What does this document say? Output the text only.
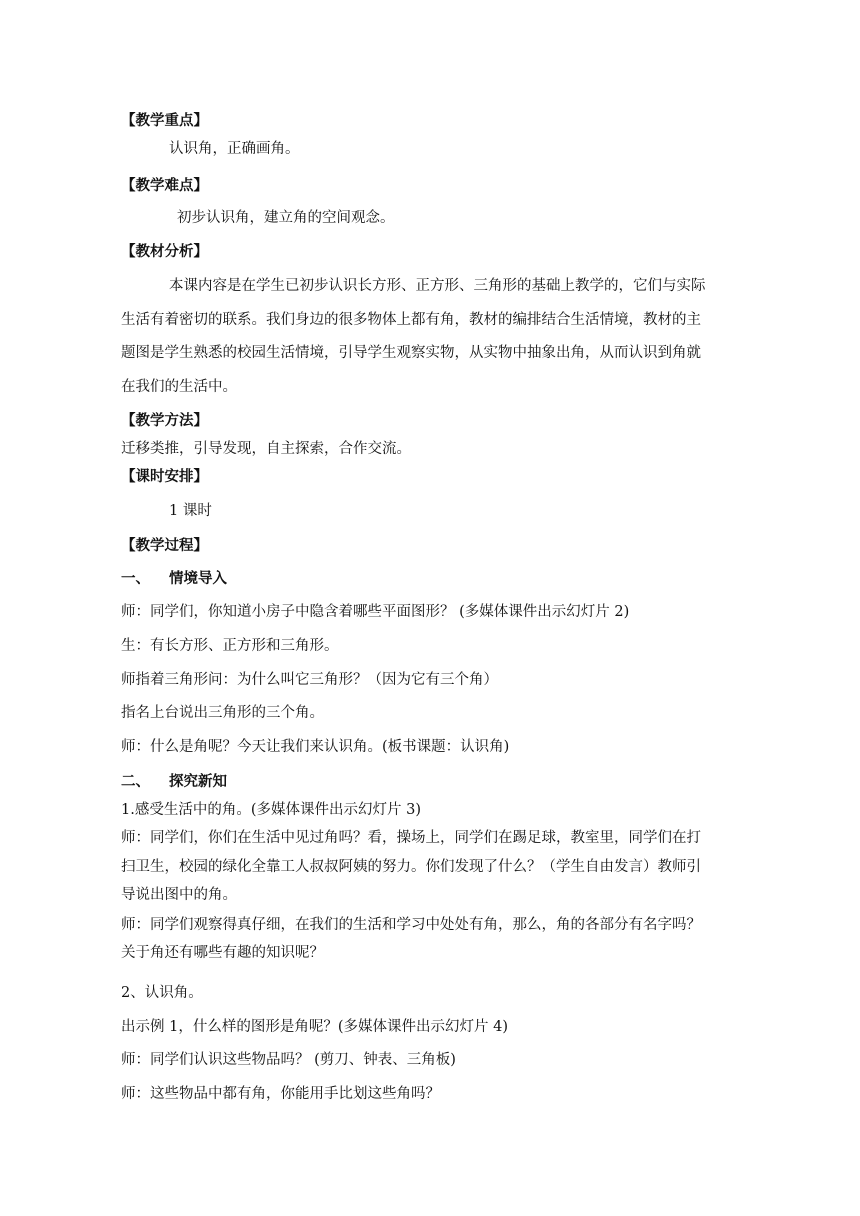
【教学重点】
认识角，正确画角。
【教学难点】
初步认识角，建立角的空间观念。
【教材分析】
本课内容是在学生已初步认识长方形、正方形、三角形的基础上教学的，它们与实际
生活有着密切的联系。我们身边的很多物体上都有角，教材的编排结合生活情境，教材的主
题图是学生熟悉的校园生活情境，引导学生观察实物，从实物中抽象出角，从而认识到角就
在我们的生活中。
【教学方法】
迁移类推，引导发现，自主探索，合作交流。
【课时安排】
1 课时
【教学过程】
一、 情境导入
师：同学们，你知道小房子中隐含着哪些平面图形？ (多媒体课件出示幻灯片 2)
生：有长方形、正方形和三角形。
师指着三角形问：为什么叫它三角形？（因为它有三个角）
指名上台说出三角形的三个角。
师：什么是角呢？今天让我们来认识角。(板书课题：认识角)
二、 探究新知
1.感受生活中的角。(多媒体课件出示幻灯片 3)
师：同学们，你们在生活中见过角吗？看，操场上，同学们在踢足球，教室里，同学们在打
扫卫生，校园的绿化全靠工人叔叔阿姨的努力。你们发现了什么？（学生自由发言）教师引
导说出图中的角。
师：同学们观察得真仔细，在我们的生活和学习中处处有角，那么，角的各部分有名字吗？
关于角还有哪些有趣的知识呢？
2、认识角。
出示例 1，什么样的图形是角呢？(多媒体课件出示幻灯片 4)
师：同学们认识这些物品吗？ (剪刀、钟表、三角板)
师：这些物品中都有角，你能用手比划这些角吗？
